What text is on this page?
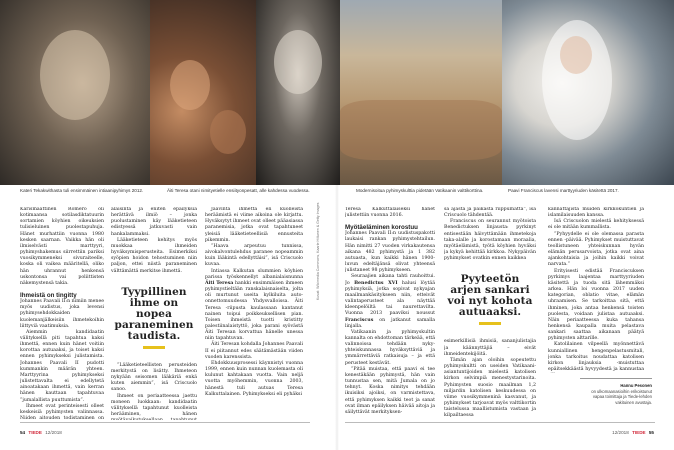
Kateri Tekakwithasta tuli ensimmäinen intiaanipyhimys 2012.	Äiti Teresa otani nimityetielle ensiityonpesatt, alle kahdessa vuodessa.	Modernisoitua pyhimyskulttia pidetään Vatikaanin valttikorttina.	Paavi Franciscus lavensi marttyyriuden käsitettä 2017.

Karismaattinen Romero oli kotimaansa sotilasdiktatuurin sortamien köyhien oikeuksien tulisieluinen puolestapuhuja. Hänet murhattiin vuonna 1980 kesken saarnan. Vaikka hän oli ilmiselvästi marttyyri, pyhimyshakemus siirrettiin pariksi vuosikymmeneksi sivuraiteelle, koska oli vaikea määritellä, oliko hän uhrannut henkensä uskontonsa vai poliittisten näkemystensä takia.

Ihmeistä on tingitty

Johannes Paavali II:n nimiin menee myös uudistus, joka levensi pyhimysehdokkaiden kuolemanjälkeisiin ihmetekoihin liittyviä vaatimuksia.

Aiemmin kandidaatin välityksellä piti tapahtua kaksi ihmettä, ennen kuin hänet voitiin korottaa autuaaksi, ja toiset kaksi ennen pyhimykseksi julistamista. Johannes Paavali II pudotti kummankin määrän yhteen. Marttyyrina pyhimykseksi julistettavalta ei edellytetä ainoatakaan ihmettä, vain kerran hänen kauttaan tapahtuvaa ”jumalallista puuttumista”.

Ihmeet ovat perinteisesti olleet keskeisiä pyhimysten valinnassa. Niiden aitouden todistaminen on

alaisinta ja eniten epäilyksiä herättävä ilmiö – jonka puolustaminen käy lääketieteen edistyessä jatkuvasti vain hankalammaksi.

Lääketieteen kehitys myös muokkaa ihmeiden hyväksymisperusteita. Esimerkiksi syöpien hoidon tehostuminen niin paljon, ettei niistä paraneminen välttämättä merkitse ihmettä.

Tyypillinen ihme on nopea paraneminen taudista.

”Lääketieteellisten perusteiden merkitystä on lisätty. Ihmeteon nykyään seisomen lääkäriä enkä kuten aiemmin”, isä Criscuolo sanoo.

Ihmeet on periaatteessa jaettu moneen luokkaan: kandidaatin välityksellä tapahtunut kuolleista herääminen, hänen

Jäävintä ihmettä eli kuolleista heräämistä ei viime aikoina ole kirjattu. Hyväksytyt ihmeet ovat olleet pääasiassa paranemisia, jotka ovat tapahtuneet yleisiä lääketieteellisiä ennusteita pikemmin.

”Haava arpeutuu tunnissa, aivokalvontulehdus paranee nopeammin kuin lääkintä edellyttäisi”, isä Criscuolo kuvaa.

Intiassa Kalkutan slummien köyhien parissa työskennellyt albanialaisnunna Äiti Teresa hankki ensimmäisen ihmeen pyhimystieltään ranskalaisnaiselta, jolta oli murtunut useita kylkiluita auto-onnettomuudessa Yhdysvalloissa. Äiti Teresa -riipusta kaulassaan kantanut nainen toipui poikkeuksellisen pian. Toisen ihmeistä tuotti kristitty palestiinalaistyttö, joka parani syövästä Äiti Teresan korvattua hänelle unessa niin tapahtuvan.

Äiti Teresan kohdalla Johannes Paavali II ei piitannut edes säätämästään viiden vuoden karenssista.

Ehdokkuusprosessi käynnistyi vuonna 1999, ennen kuin nunnan kuolemasta oli kulunut kahtakaan vuotta. Vain neljä vuotta myöhemmin, vuonna 2003, hänestä tuli autuas Teresa Kalkuttalainen. Pyhimykseksi eli pyhäksi

Kuvat: Wikimedia Commons, Kaarle Hiltunen & Getty Images	Teresa Kalkuttalaiseksi hänet julistettiin vuonna 2016.

Myötäeläminen korostuu

Johannes Paavali II:n uudistuspakotti laukaisi rankan pyhimystehtailun. Hän nimitti 27 vuoden virkakautensa aikana 482 pyhimystä ja 1 382 autuasta, kun kaikki hänen 1900-luvun edeltäjänsä olivat yhteensä julistaneet 98 pyhimykseen.

Seuraajien aikana tahti rauhoittui. Jo Benedictus XVI halusi löytää pyhimyksiä, jotka sopivat nykyajan maailmankäsitykseen niin, etteivät valintaperusteet ala näyttää kleenpelöiltä tai naurettavilta. Vuonna 2013 paaviksi noussut Franciscus on jatkanut samalla linjalla.

Vatikaanin ja pyhimyskultin kannalta on ehdottoman tärkeää, että valinnoissa tehdään nyky-yhteiskunnassa hyväksyttäviä ja ymmärrettäviä ratkaisuja – ja että perusteet kestävät.

”Pitää muistaa, että paavi ei tee kenestäkään pyhimystä, hän vain tunnustaa sen, mitä Jumala on jo tehnyt. Koska nimitys tehdään ikuisiksi ajoiksi, on varmistettava, että pyhimyksen kaikki teot ja sanat ovat ilman epäilyksen häivää aitoja ja säilyttävät merkityksen-

sä ajasta ja paikasta riippumatta”, isä Criscuolo tähdentää.

Franciscus on seurannut myötoista Benedictuksen linjausta: pyrkinyt entisestään häivyttämään ihmetekoja taka-alalle ja korostamaan moraalia, myötäelämistä, työtä köyhien hyväksi ja kykyä kehittää kirkkoa. Nykypäivän pyhimykset ovatkin ennen kaikkea

Pyyteetön arjen sankari voi nyt kohota autuaaksi.

esimerkillisiä ihmisiä, sananjulistajia ja käännyttäjiä – eivät ihmeidentekijöitä.

Tämän ajan oloihin sopeutettu pyhimyskultti on useiden Vatikaani-asiantuntijoiden mielestä katolisen kirkon selvimpiä menestystarinoita. Pyhimysten suosio maailman 1,2 miljardin katolisen keskuudessa on viime vuosikymmeninä kasvanut, ja pyhimykset tarjoavat myös valttikortin taistelussa maallistumista vastaan ja kilpailtaessa

kannattajista muiden kirkkokuntien ja islamilaisuuden kanssa.

Isä Criscuolon mielestä kehityksessä ei ole mitään kummallista.

”Pyhyydelle ei ole olemassa parasta ennen -päivää. Pyhimykset muistuttavat teollistuneen yhteiskunnan hyvän elämän perusarvoista, jotka ovat aina ajankohtaisia ja joihin kaikki voivat narvata.”

Erityisesti edistää Franciscuksen pyrkimys laajentaa marttyyriuden käsitettä ja tuoda sitä lähemmäksi arkea. Hän loi vuonna 2017 uuden kategorian, oblatio vitae, elämän uhraamisen. Se tarkoittaa sitä, että ihminen, joka antaa henkensä toisten puolesta, voidaan julistaa autuaaksi. Näin periaatteessa kuka tahansa henkensä kaupalla muita pelastava sankari saattaa aikanaan päätyä pyhimysten alttarille.

Katolilainen vilpeellä myönnettävä kunniallinen hengenpelastusmitali, jonka tarkoitus noudattaa katolisen kirkon linjauksia -muistuttaa epäitsekkäästä hyvyydestä ja kannustaa

Hannu Pesonen
on ulkomaanasioihin erikoistunut vapaa toimittaja ja Tiede-lehden vakituinen avustaja.
54 TIEDE 12/2018	12/2018 TIEDE 55
